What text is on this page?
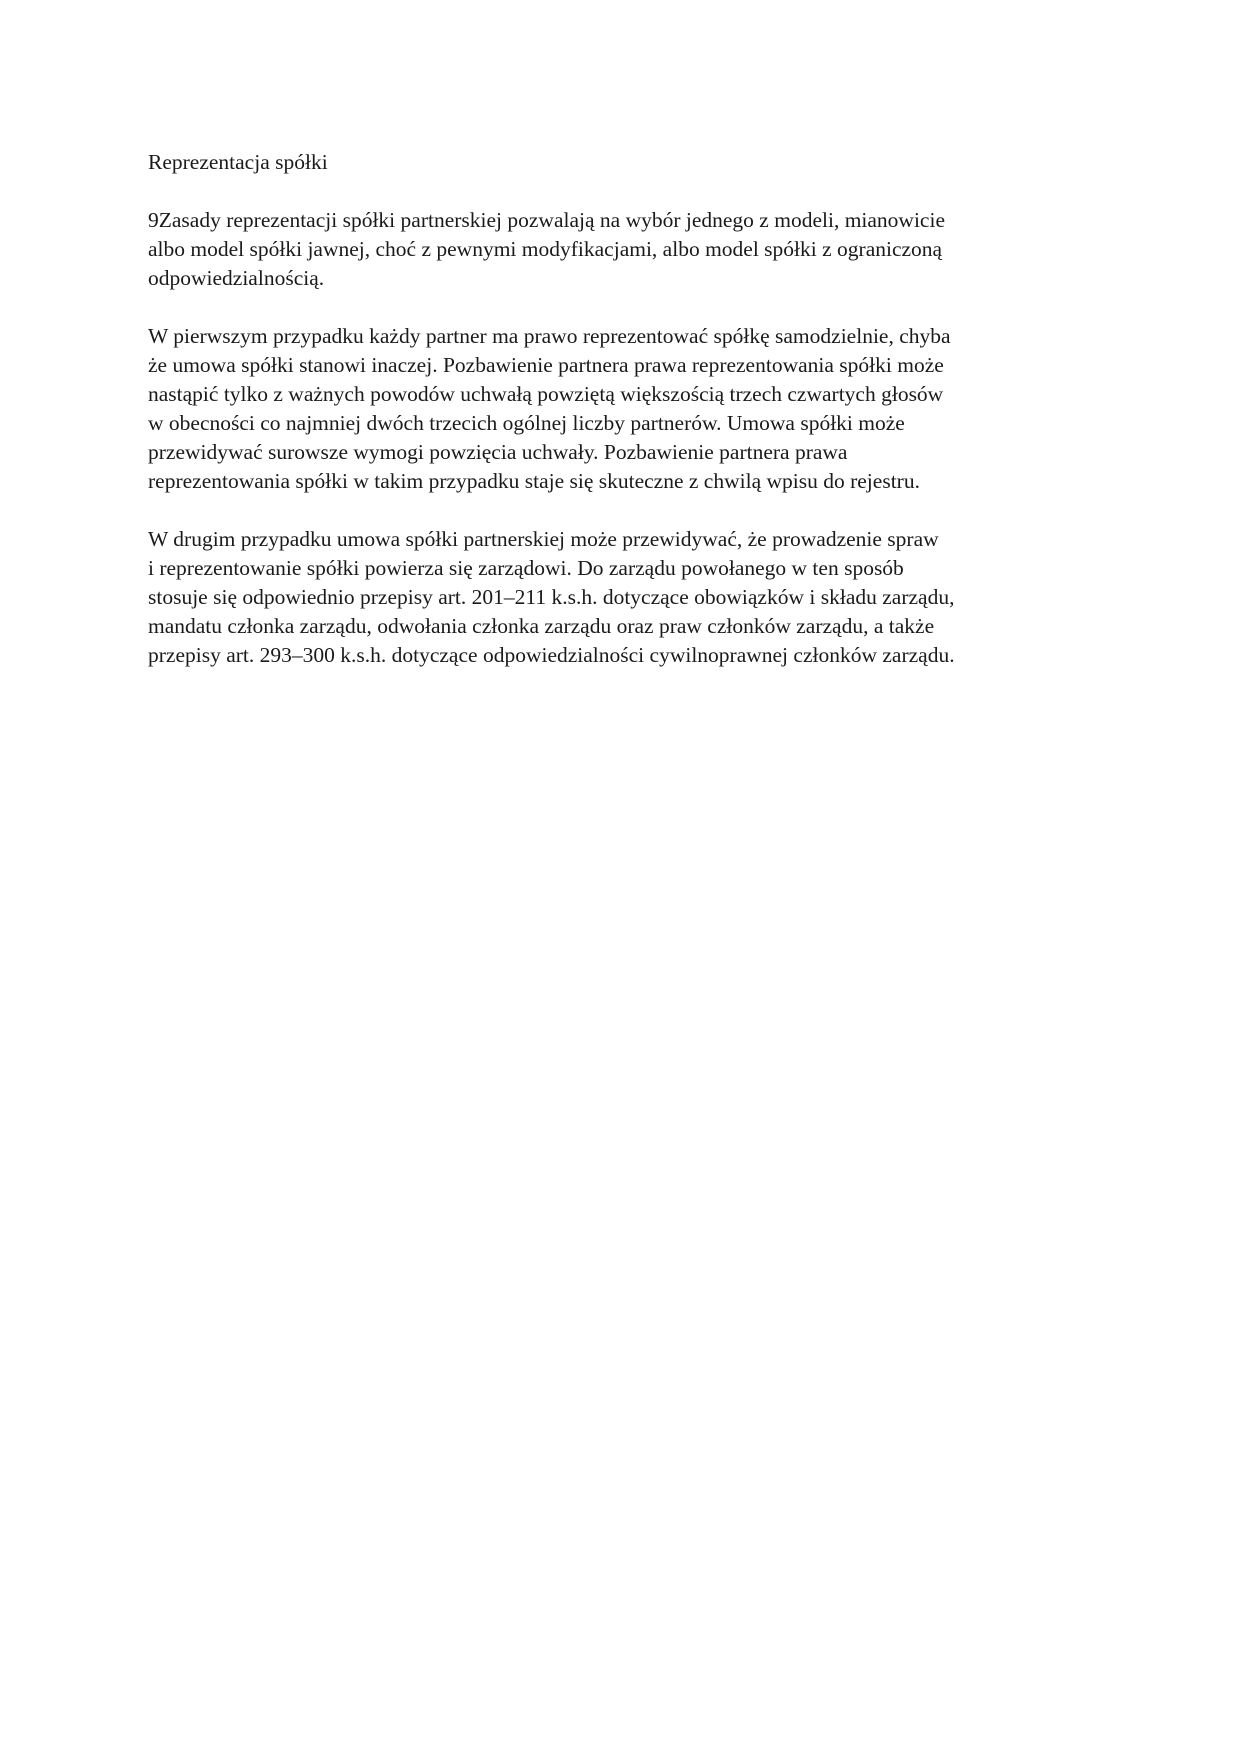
Reprezentacja spółki

9Zasady reprezentacji spółki partnerskiej pozwalają na wybór jednego z modeli, mianowicie
albo model spółki jawnej, choć z pewnymi modyfikacjami, albo model spółki z ograniczoną
odpowiedzialnością.

W pierwszym przypadku każdy partner ma prawo reprezentować spółkę samodzielnie, chyba
że umowa spółki stanowi inaczej. Pozbawienie partnera prawa reprezentowania spółki może
nastąpić tylko z ważnych powodów uchwałą powziętą większością trzech czwartych głosów
w obecności co najmniej dwóch trzecich ogólnej liczby partnerów. Umowa spółki może
przewidywać surowsze wymogi powzięcia uchwały. Pozbawienie partnera prawa
reprezentowania spółki w takim przypadku staje się skuteczne z chwilą wpisu do rejestru.

W drugim przypadku umowa spółki partnerskiej może przewidywać, że prowadzenie spraw
i reprezentowanie spółki powierza się zarządowi. Do zarządu powołanego w ten sposób
stosuje się odpowiednio przepisy art. 201–211 k.s.h. dotyczące obowiązków i składu zarządu,
mandatu członka zarządu, odwołania członka zarządu oraz praw członków zarządu, a także
przepisy art. 293–300 k.s.h. dotyczące odpowiedzialności cywilnoprawnej członków zarządu.
